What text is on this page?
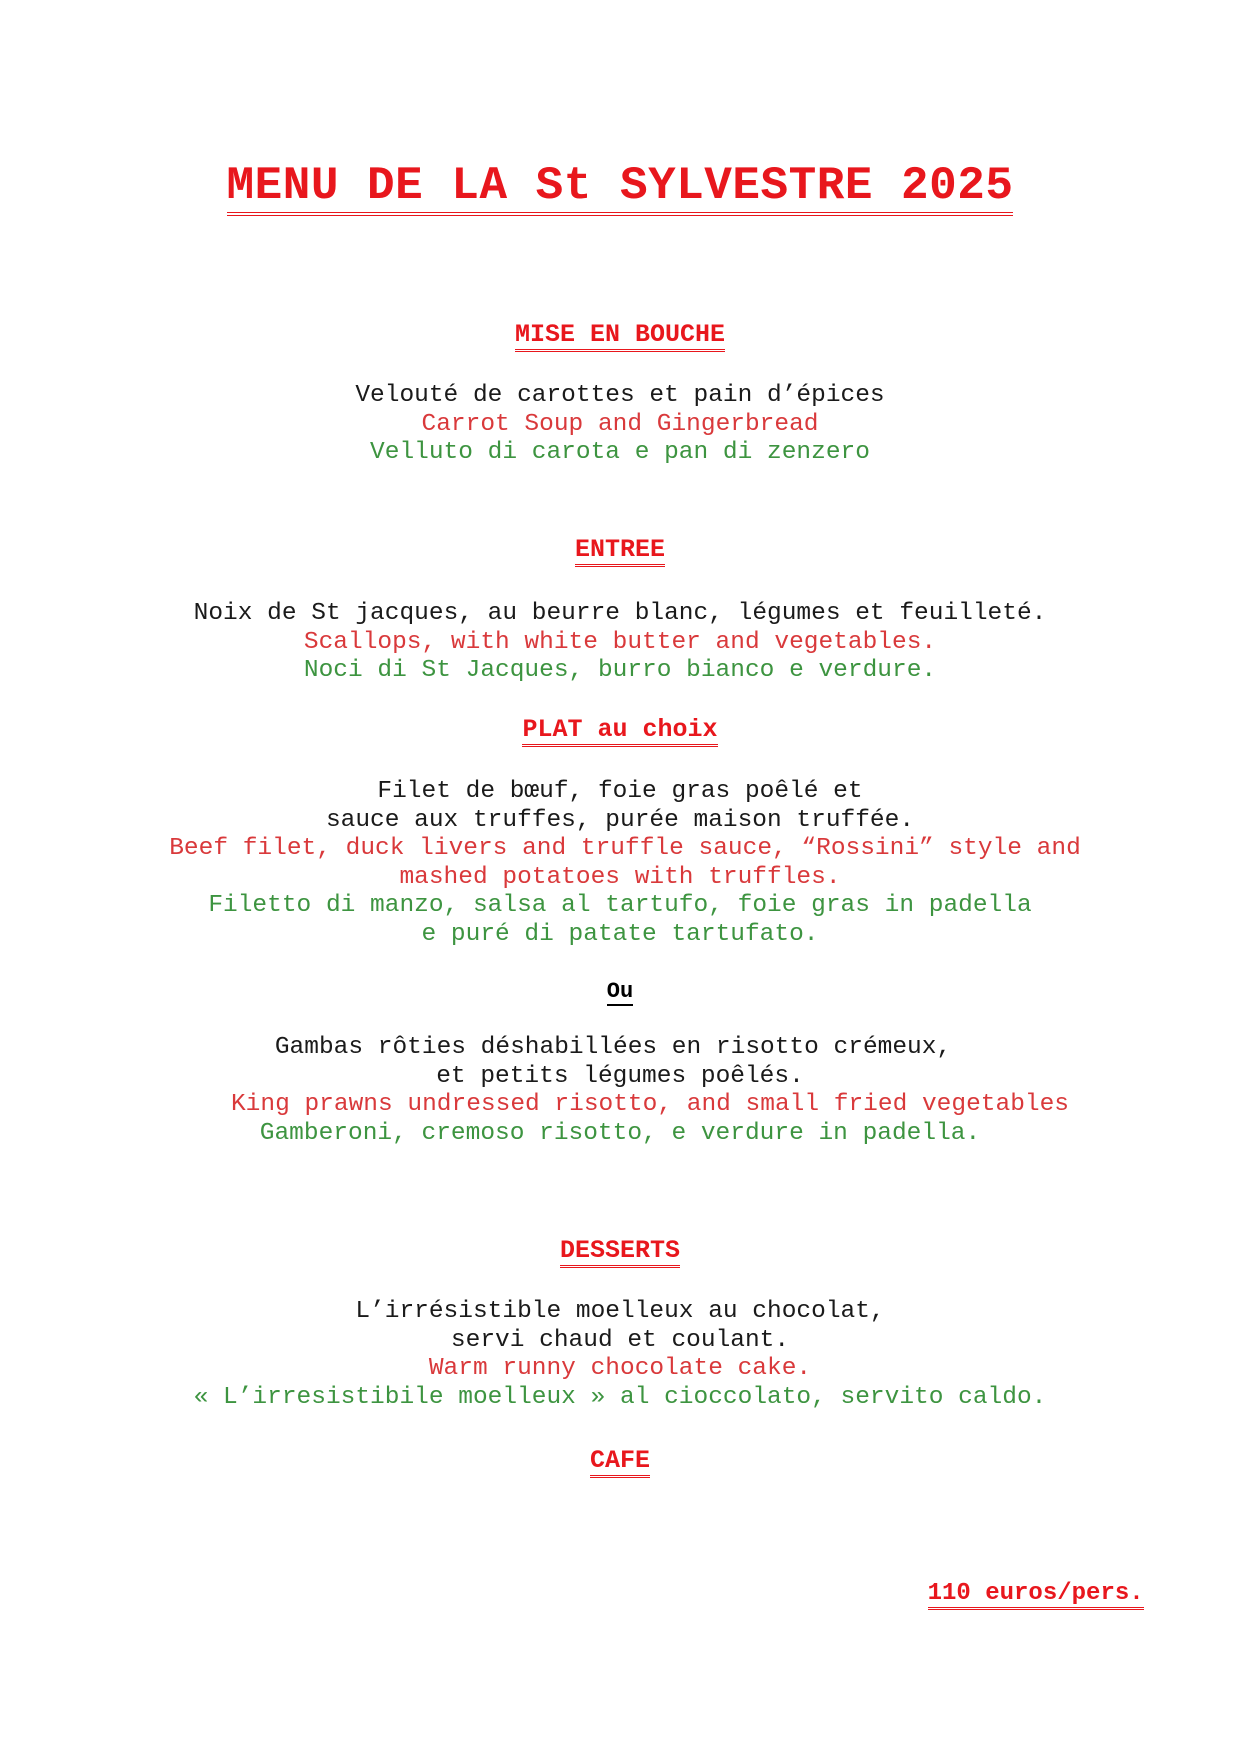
MENU DE LA St SYLVESTRE 2025
MISE EN BOUCHE
Velouté de carottes et pain d’épices
Carrot Soup and Gingerbread
Velluto di carota e pan di zenzero
ENTREE
Noix de St jacques, au beurre blanc, légumes et feuilleté.
Scallops, with white butter and vegetables.
Noci di St Jacques, burro bianco e verdure.
PLAT au choix
Filet de bœuf, foie gras poêlé et
sauce aux truffes, purée maison truffée.
Beef filet, duck livers and truffle sauce, “Rossini” style and
mashed potatoes with truffles.
Filetto di manzo, salsa al tartufo, foie gras in padella
e puré di patate tartufato.
Ou
Gambas rôties déshabillées en risotto crémeux,
et petits légumes poêlés.
King prawns undressed risotto, and small fried vegetables
Gamberoni, cremoso risotto, e verdure in padella.
DESSERTS
L’irrésistible moelleux au chocolat,
servi chaud et coulant.
Warm runny chocolate cake.
« L’irresistibile moelleux » al cioccolato, servito caldo.
CAFE

110 euros/pers.
